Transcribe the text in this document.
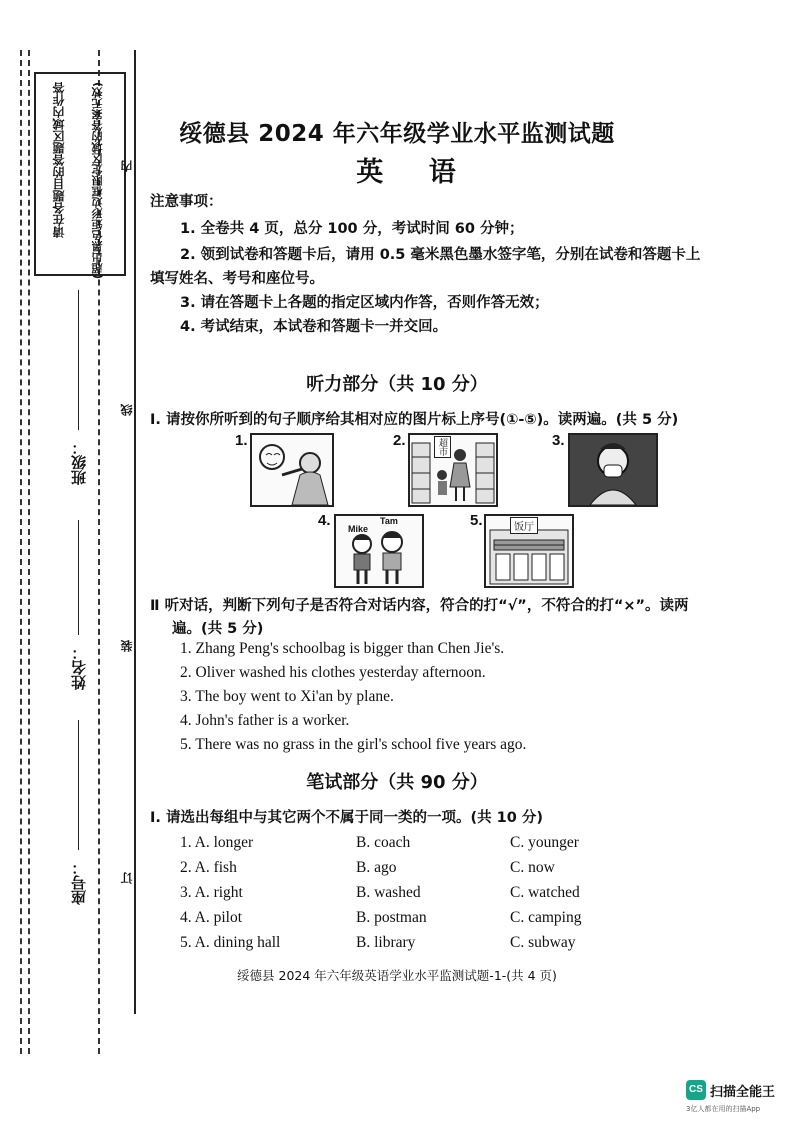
请在各题目的答题区域内作答 (超出黑色矩形边框限定区域的答案无效) 内
线
装
订
班级：
姓名：
座号：
绥德县 2024 年六年级学业水平监测试题
英 语
注意事项：
1. 全卷共 4 页，总分 100 分，考试时间 60 分钟；
2. 领到试卷和答题卡后，请用 0.5 毫米黑色墨水签字笔，分别在试卷和答题卡上
填写姓名、考号和座位号。
3. 请在答题卡上各题的指定区域内作答，否则作答无效；
4. 考试结束，本试卷和答题卡一并交回。
听力部分（共 10 分）
Ⅰ. 请按你所听到的句子顺序给其相对应的图片标上序号(①-⑤)。读两遍。(共 5 分)
1.	2.	超市	3.
4. Mike
Tam	5.	饭厅
Ⅱ 听对话，判断下列句子是否符合对话内容，符合的打“√”，不符合的打“×”。读两
遍。(共 5 分)
1. Zhang Peng's schoolbag is bigger than Chen Jie's.
2. Oliver washed his clothes yesterday afternoon.
3. The boy went to Xi'an by plane.
4. John's father is a worker.
5. There was no grass in the girl's school five years ago.
笔试部分（共 90 分）
Ⅰ. 请选出每组中与其它两个不属于同一类的一项。(共 10 分)
1. A. longer	B. coach	C. younger
2. A. fish	B. ago	C. now
3. A. right	B. washed	C. watched
4. A. pilot	B. postman	C. camping
5. A. dining hall	B. library	C. subway
绥德县 2024 年六年级英语学业水平监测试题-1-(共 4 页)
CS 扫描全能王
3亿人都在用的扫描App
